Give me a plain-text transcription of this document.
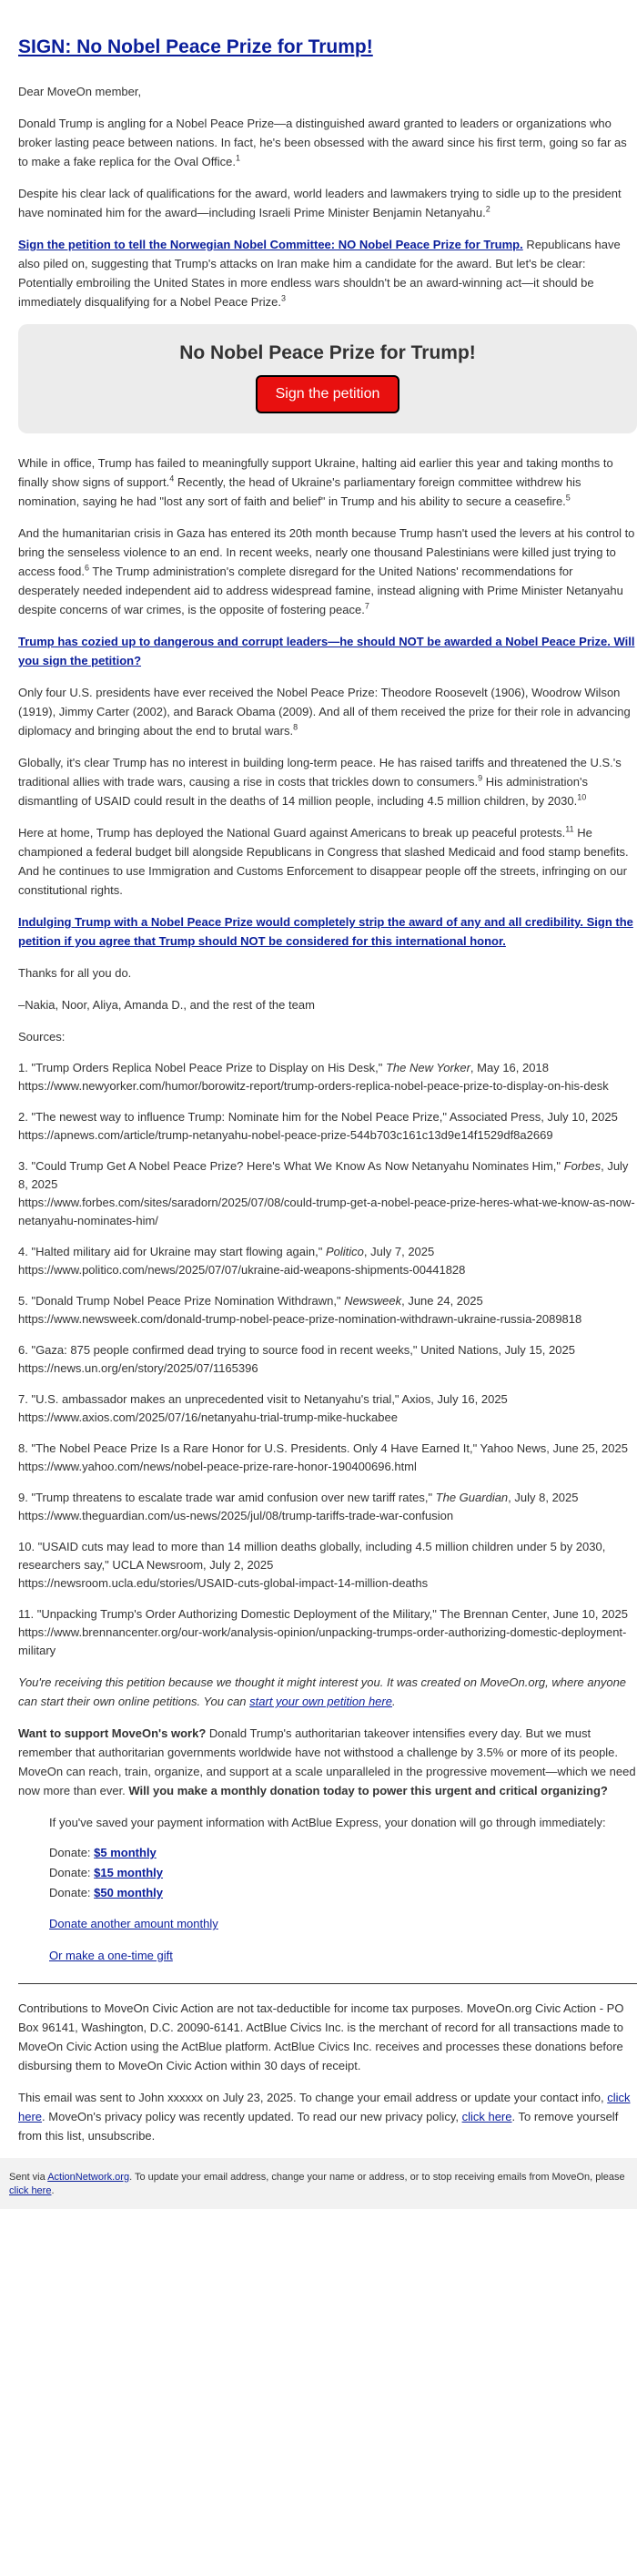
SIGN: No Nobel Peace Prize for Trump!

Dear MoveOn member,

Donald Trump is angling for a Nobel Peace Prize—a distinguished award granted to leaders or organizations who broker lasting peace between nations. In fact, he's been obsessed with the award since his first term, going so far as to make a fake replica for the Oval Office.$^1$

Despite his clear lack of qualifications for the award, world leaders and lawmakers trying to sidle up to the president have nominated him for the award—including Israeli Prime Minister Benjamin Netanyahu.$^2$

Sign the petition to tell the Norwegian Nobel Committee: NO Nobel Peace Prize for Trump. Republicans have also piled on, suggesting that Trump's attacks on Iran make him a candidate for the award. But let's be clear: Potentially embroiling the United States in more endless wars shouldn't be an award-winning act—it should be immediately disqualifying for a Nobel Peace Prize.$^3$

No Nobel Peace Prize for Trump!
Sign the petition

While in office, Trump has failed to meaningfully support Ukraine, halting aid earlier this year and taking months to finally show signs of support.$^4$ Recently, the head of Ukraine's parliamentary foreign committee withdrew his nomination, saying he had "lost any sort of faith and belief" in Trump and his ability to secure a ceasefire.$^5$

And the humanitarian crisis in Gaza has entered its 20th month because Trump hasn't used the levers at his control to bring the senseless violence to an end. In recent weeks, nearly one thousand Palestinians were killed just trying to access food.$^6$ The Trump administration's complete disregard for the United Nations' recommendations for desperately needed independent aid to address widespread famine, instead aligning with Prime Minister Netanyahu despite concerns of war crimes, is the opposite of fostering peace.$^7$

Trump has cozied up to dangerous and corrupt leaders—he should NOT be awarded a Nobel Peace Prize. Will you sign the petition?

Only four U.S. presidents have ever received the Nobel Peace Prize: Theodore Roosevelt (1906), Woodrow Wilson (1919), Jimmy Carter (2002), and Barack Obama (2009). And all of them received the prize for their role in advancing diplomacy and bringing about the end to brutal wars.$^8$

Globally, it's clear Trump has no interest in building long-term peace. He has raised tariffs and threatened the U.S.'s traditional allies with trade wars, causing a rise in costs that trickles down to consumers.$^9$ His administration's dismantling of USAID could result in the deaths of 14 million people, including 4.5 million children, by 2030.10

Here at home, Trump has deployed the National Guard against Americans to break up peaceful protests.$^{11}$ He championed a federal budget bill alongside Republicans in Congress that slashed Medicaid and food stamp benefits. And he continues to use Immigration and Customs Enforcement to disappear people off the streets, infringing on our constitutional rights.

Indulging Trump with a Nobel Peace Prize would completely strip the award of any and all credibility. Sign the petition if you agree that Trump should NOT be considered for this international honor.

Thanks for all you do.

–Nakia, Noor, Aliya, Amanda D., and the rest of the team

Sources:

1. "Trump Orders Replica Nobel Peace Prize to Display on His Desk," The New Yorker, May 16, 2018
https://www.newyorker.com/humor/borowitz-report/trump-orders-replica-nobel-peace-prize-to-display-on-his-desk

2. "The newest way to influence Trump: Nominate him for the Nobel Peace Prize," Associated Press, July 10, 2025
https://apnews.com/article/trump-netanyahu-nobel-peace-prize-544b703c161c13d9e14f1529df8a2669

3. "Could Trump Get A Nobel Peace Prize? Here's What We Know As Now Netanyahu Nominates Him," Forbes, July 8, 2025
https://www.forbes.com/sites/saradorn/2025/07/08/could-trump-get-a-nobel-peace-prize-heres-what-we-know-as-now-netanyahu-nominates-him/

4. "Halted military aid for Ukraine may start flowing again," Politico, July 7, 2025
https://www.politico.com/news/2025/07/07/ukraine-aid-weapons-shipments-00441828

5. "Donald Trump Nobel Peace Prize Nomination Withdrawn," Newsweek, June 24, 2025
https://www.newsweek.com/donald-trump-nobel-peace-prize-nomination-withdrawn-ukraine-russia-2089818

6. "Gaza: 875 people confirmed dead trying to source food in recent weeks," United Nations, July 15, 2025
https://news.un.org/en/story/2025/07/1165396

7. "U.S. ambassador makes an unprecedented visit to Netanyahu's trial," Axios, July 16, 2025
https://www.axios.com/2025/07/16/netanyahu-trial-trump-mike-huckabee

8. "The Nobel Peace Prize Is a Rare Honor for U.S. Presidents. Only 4 Have Earned It," Yahoo News, June 25, 2025
https://www.yahoo.com/news/nobel-peace-prize-rare-honor-190400696.html

9. "Trump threatens to escalate trade war amid confusion over new tariff rates," The Guardian, July 8, 2025
https://www.theguardian.com/us-news/2025/jul/08/trump-tariffs-trade-war-confusion

10. "USAID cuts may lead to more than 14 million deaths globally, including 4.5 million children under 5 by 2030, researchers say," UCLA Newsroom, July 2, 2025
https://newsroom.ucla.edu/stories/USAID-cuts-global-impact-14-million-deaths

11. "Unpacking Trump's Order Authorizing Domestic Deployment of the Military," The Brennan Center, June 10, 2025
https://www.brennancenter.org/our-work/analysis-opinion/unpacking-trumps-order-authorizing-domestic-deployment-military

You're receiving this petition because we thought it might interest you. It was created on MoveOn.org, where anyone can start their own online petitions. You can start your own petition here.

Want to support MoveOn's work? Donald Trump's authoritarian takeover intensifies every day. But we must remember that authoritarian governments worldwide have not withstood a challenge by 3.5% or more of its people. MoveOn can reach, train, organize, and support at a scale unparalleled in the progressive movement—which we need now more than ever. Will you make a monthly donation today to power this urgent and critical organizing?

If you've saved your payment information with ActBlue Express, your donation will go through immediately:

Donate: $5 monthly
Donate: $15 monthly
Donate: $50 monthly

Donate another amount monthly

Or make a one-time gift

Contributions to MoveOn Civic Action are not tax-deductible for income tax purposes. MoveOn.org Civic Action - PO Box 96141, Washington, D.C. 20090-6141. ActBlue Civics Inc. is the merchant of record for all transactions made to MoveOn Civic Action using the ActBlue platform. ActBlue Civics Inc. receives and processes these donations before disbursing them to MoveOn Civic Action within 30 days of receipt.

This email was sent to John xxxxxx on July 23, 2025. To change your email address or update your contact info, click here. MoveOn's privacy policy was recently updated. To read our new privacy policy, click here. To remove yourself from this list, unsubscribe.

Sent via ActionNetwork.org. To update your email address, change your name or address, or to stop receiving emails from MoveOn, please click here.
